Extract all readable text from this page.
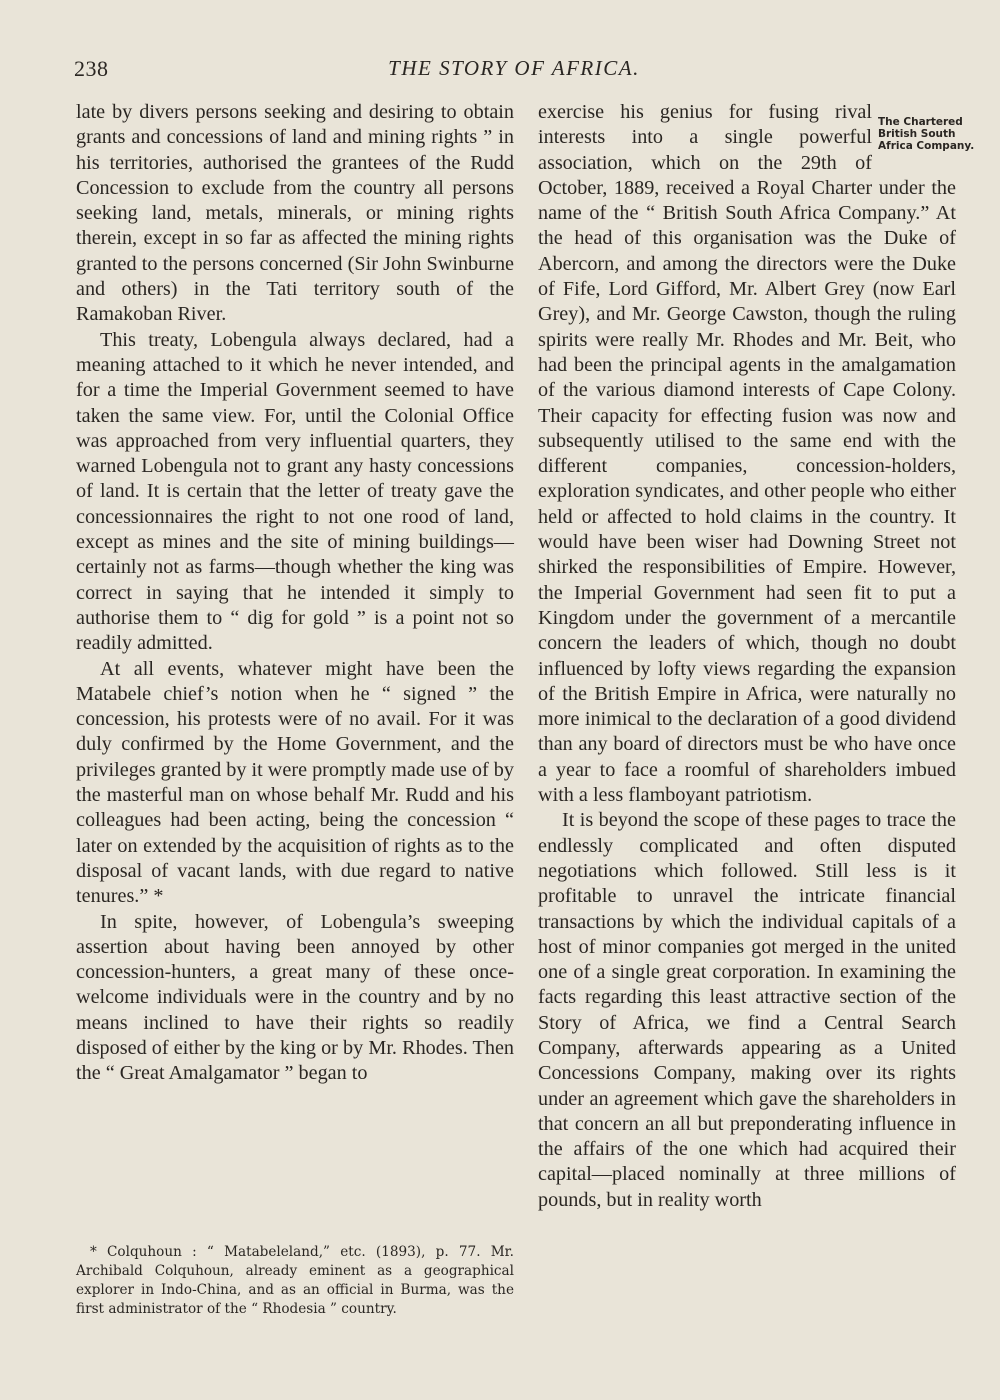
238	THE STORY OF AFRICA.

late by divers persons seeking and desiring to obtain grants and concessions of land and mining rights ” in his territories, authorised the grantees of the Rudd Concession to exclude from the country all persons seeking land, metals, minerals, or mining rights therein, except in so far as affected the mining rights granted to the persons concerned (Sir John Swinburne and others) in the Tati territory south of the Ramakoban River.

This treaty, Lobengula always declared, had a meaning attached to it which he never intended, and for a time the Imperial Government seemed to have taken the same view. For, until the Colonial Office was approached from very influential quarters, they warned Lobengula not to grant any hasty concessions of land. It is certain that the letter of treaty gave the concessionnaires the right to not one rood of land, except as mines and the site of mining buildings—certainly not as farms—though whether the king was correct in saying that he intended it simply to authorise them to “ dig for gold ” is a point not so readily admitted.

At all events, whatever might have been the Matabele chief’s notion when he “ signed ” the concession, his protests were of no avail. For it was duly confirmed by the Home Government, and the privileges granted by it were promptly made use of by the masterful man on whose behalf Mr. Rudd and his colleagues had been acting, being the concession “ later on extended by the acquisition of rights as to the disposal of vacant lands, with due regard to native tenures.” *

In spite, however, of Lobengula’s sweeping assertion about having been annoyed by other concession-hunters, a great many of these once-welcome individuals were in the country and by no means inclined to have their rights so readily disposed of either by the king or by Mr. Rhodes. Then the “ Great Amalgamator ” began to

* Colquhoun : “ Matabeleland,” etc. (1893), p. 77. Mr. Archibald Colquhoun, already eminent as a geographical explorer in Indo-China, and as an official in Burma, was the first administrator of the “ Rhodesia ” country.

The Chartered British South Africa Company.

exercise his genius for fusing rival interests into a single powerful association, which on the 29th of October, 1889, received a Royal Charter under the name of the “ British South Africa Company.” At the head of this organisation was the Duke of Abercorn, and among the directors were the Duke of Fife, Lord Gifford, Mr. Albert Grey (now Earl Grey), and Mr. George Cawston, though the ruling spirits were really Mr. Rhodes and Mr. Beit, who had been the principal agents in the amalgamation of the various diamond interests of Cape Colony. Their capacity for effecting fusion was now and subsequently utilised to the same end with the different companies, concession-holders, exploration syndicates, and other people who either held or affected to hold claims in the country. It would have been wiser had Downing Street not shirked the responsibilities of Empire. However, the Imperial Government had seen fit to put a Kingdom under the government of a mercantile concern the leaders of which, though no doubt influenced by lofty views regarding the expansion of the British Empire in Africa, were naturally no more inimical to the declaration of a good dividend than any board of directors must be who have once a year to face a roomful of shareholders imbued with a less flamboyant patriotism.

It is beyond the scope of these pages to trace the endlessly complicated and often disputed negotiations which followed. Still less is it profitable to unravel the intricate financial transactions by which the individual capitals of a host of minor companies got merged in the united one of a single great corporation. In examining the facts regarding this least attractive section of the Story of Africa, we find a Central Search Company, afterwards appearing as a United Concessions Company, making over its rights under an agreement which gave the shareholders in that concern an all but preponderating influence in the affairs of the one which had acquired their capital—placed nominally at three millions of pounds, but in reality worth
